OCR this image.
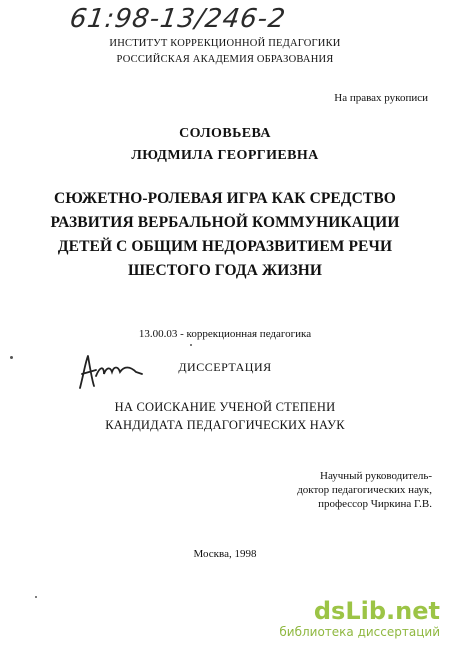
61:98-13/246-2
ИНСТИТУТ КОРРЕКЦИОННОЙ ПЕДАГОГИКИ
РОССИЙСКАЯ АКАДЕМИЯ ОБРАЗОВАНИЯ
На правах рукописи
СОЛОВЬЕВА
ЛЮДМИЛА ГЕОРГИЕВНА
СЮЖЕТНО-РОЛЕВАЯ ИГРА КАК СРЕДСТВО
РАЗВИТИЯ ВЕРБАЛЬНОЙ КОММУНИКАЦИИ
ДЕТЕЙ С ОБЩИМ НЕДОРАЗВИТИЕМ РЕЧИ
ШЕСТОГО ГОДА ЖИЗНИ
13.00.03 - коррекционная педагогика
ДИССЕРТАЦИЯ
НА СОИСКАНИЕ УЧЕНОЙ СТЕПЕНИ
КАНДИДАТА ПЕДАГОГИЧЕСКИХ НАУК
Научный руководитель-
доктор педагогических наук,
профессор Чиркина Г.В.
Москва, 1998
dsLib.net
библиотека диссертаций
